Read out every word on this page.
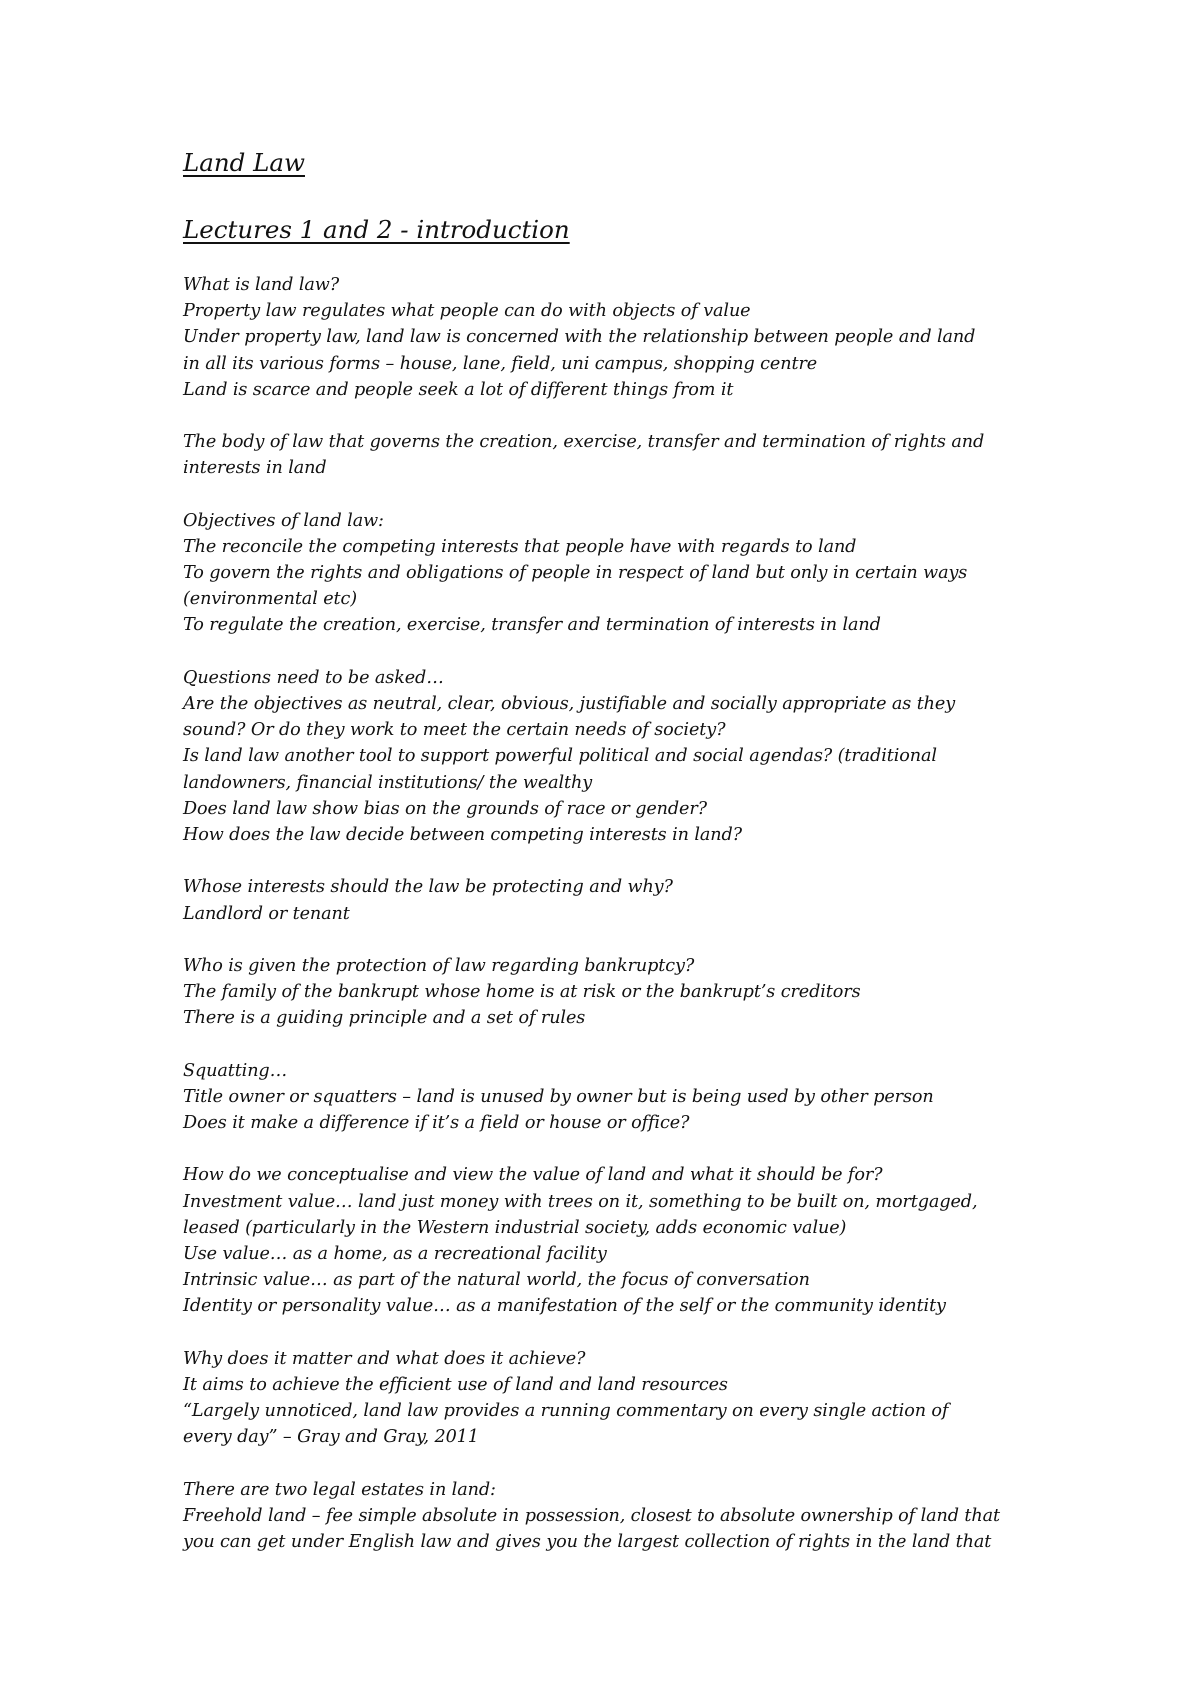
Land Law
Lectures 1 and 2 - introduction
What is land law?
Property law regulates what people can do with objects of value
Under property law, land law is concerned with the relationship between people and land
in all its various forms – house, lane, field, uni campus, shopping centre
Land is scarce and people seek a lot of different things from it
The body of law that governs the creation, exercise, transfer and termination of rights and
interests in land
Objectives of land law:
The reconcile the competing interests that people have with regards to land
To govern the rights and obligations of people in respect of land but only in certain ways
(environmental etc)
To regulate the creation, exercise, transfer and termination of interests in land
Questions need to be asked…
Are the objectives as neutral, clear, obvious, justifiable and socially appropriate as they
sound? Or do they work to meet the certain needs of society?
Is land law another tool to support powerful political and social agendas? (traditional
landowners, financial institutions/ the wealthy
Does land law show bias on the grounds of race or gender?
How does the law decide between competing interests in land?
Whose interests should the law be protecting and why?
Landlord or tenant
Who is given the protection of law regarding bankruptcy?
The family of the bankrupt whose home is at risk or the bankrupt’s creditors
There is a guiding principle and a set of rules
Squatting…
Title owner or squatters – land is unused by owner but is being used by other person
Does it make a difference if it’s a field or house or office?
How do we conceptualise and view the value of land and what it should be for?
Investment value… land just money with trees on it, something to be built on, mortgaged,
leased (particularly in the Western industrial society, adds economic value)
Use value… as a home, as a recreational facility
Intrinsic value… as part of the natural world, the focus of conversation
Identity or personality value… as a manifestation of the self or the community identity
Why does it matter and what does it achieve?
It aims to achieve the efficient use of land and land resources
“Largely unnoticed, land law provides a running commentary on every single action of
every day” – Gray and Gray, 2011
There are two legal estates in land:
Freehold land – fee simple absolute in possession, closest to absolute ownership of land that
you can get under English law and gives you the largest collection of rights in the land that
